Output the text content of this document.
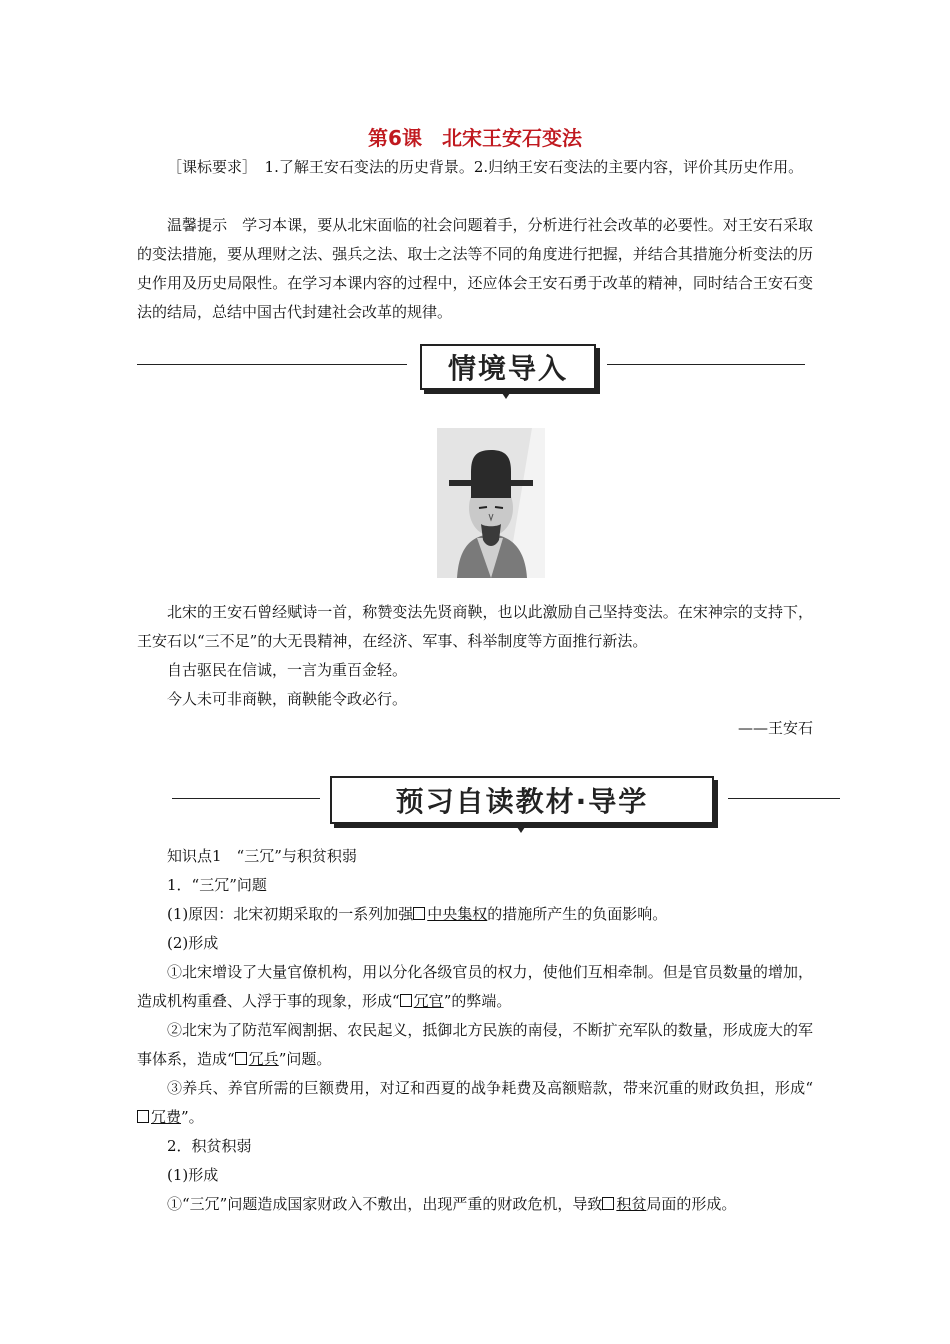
第6课　北宋王安石变法

［课标要求］　 1.了解王安石变法的历史背景。2.归纳王安石变法的主要内容，评价其历史作用。

温馨提示　 学习本课，要从北宋面临的社会问题着手，分析进行社会改革的必要性。对王安石采取的变法措施，要从理财之法、强兵之法、取士之法等不同的角度进行把握，并结合其措施分析变法的历史作用及历史局限性。在学习本课内容的过程中，还应体会王安石勇于改革的精神，同时结合王安石变法的结局，总结中国古代封建社会改革的规律。

情境导入

北宋的王安石曾经赋诗一首，称赞变法先贤商鞅，也以此激励自己坚持变法。在宋神宗的支持下，王安石以“三不足”的大无畏精神，在经济、军事、科举制度等方面推行新法。

自古驱民在信诚，一言为重百金轻。

今人未可非商鞅，商鞅能令政必行。

——王安石
预习自读教材·导学

知识点1　“三冗”与积贫积弱

1．“三冗”问题

(1)原因：北宋初期采取的一系列加强 中央集权的措施所产生的负面影响。

(2)形成

①北宋增设了大量官僚机构，用以分化各级官员的权力，使他们互相牵制。但是官员数量的增加，造成机构重叠、人浮于事的现象，形成“ 冗官”的弊端。

②北宋为了防范军阀割据、农民起义，抵御北方民族的南侵，不断扩充军队的数量，形成庞大的军事体系，造成“ 冗兵”问题。

③养兵、养官所需的巨额费用，对辽和西夏的战争耗费及高额赔款，带来沉重的财政负担，形成“冗费”。

2．积贫积弱

(1)形成

①“三冗”问题造成国家财政入不敷出，出现严重的财政危机，导致 积贫局面的形成。
